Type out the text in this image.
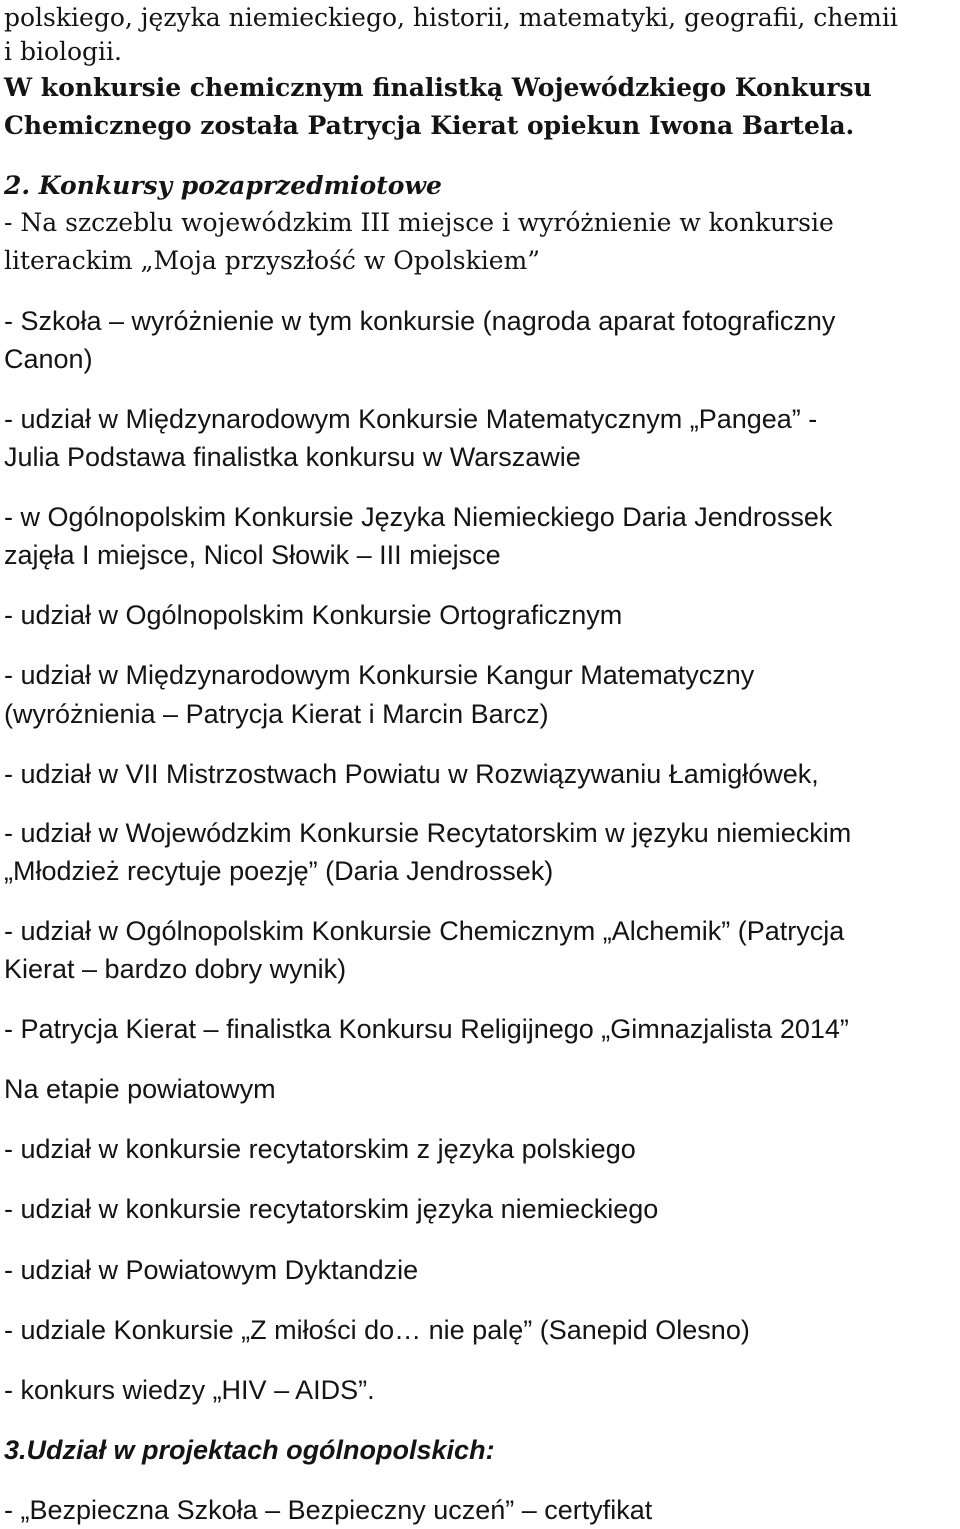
polskiego, języka niemieckiego, historii, matematyki, geografii, chemii
i biologii.
W konkursie chemicznym finalistką Wojewódzkiego Konkursu
Chemicznego została Patrycja Kierat opiekun Iwona Bartela.
2. Konkursy pozaprzedmiotowe
- Na szczeblu wojewódzkim III miejsce i wyróżnienie w konkursie
literackim „Moja przyszłość w Opolskiem”
- Szkoła – wyróżnienie w tym konkursie (nagroda aparat fotograficzny
Canon)
- udział w Międzynarodowym Konkursie Matematycznym „Pangea” -
Julia Podstawa finalistka konkursu w Warszawie
- w Ogólnopolskim Konkursie Języka Niemieckiego Daria Jendrossek
zajęła I miejsce, Nicol Słowik – III miejsce
- udział w Ogólnopolskim Konkursie Ortograficznym
- udział w Międzynarodowym Konkursie Kangur Matematyczny
(wyróżnienia – Patrycja Kierat i Marcin Barcz)
- udział w VII Mistrzostwach Powiatu w Rozwiązywaniu Łamigłówek,
- udział w Wojewódzkim Konkursie Recytatorskim w języku niemieckim
„Młodzież recytuje poezję” (Daria Jendrossek)
- udział w Ogólnopolskim Konkursie Chemicznym „Alchemik” (Patrycja
Kierat – bardzo dobry wynik)
- Patrycja Kierat – finalistka Konkursu Religijnego „Gimnazjalista 2014”
Na etapie powiatowym
- udział w konkursie recytatorskim z języka polskiego
- udział w konkursie recytatorskim języka niemieckiego
- udział w Powiatowym Dyktandzie
- udziale Konkursie „Z miłości do… nie palę” (Sanepid Olesno)
- konkurs wiedzy „HIV – AIDS”.
3.Udział w projektach ogólnopolskich:
- „Bezpieczna Szkoła – Bezpieczny uczeń” – certyfikat
